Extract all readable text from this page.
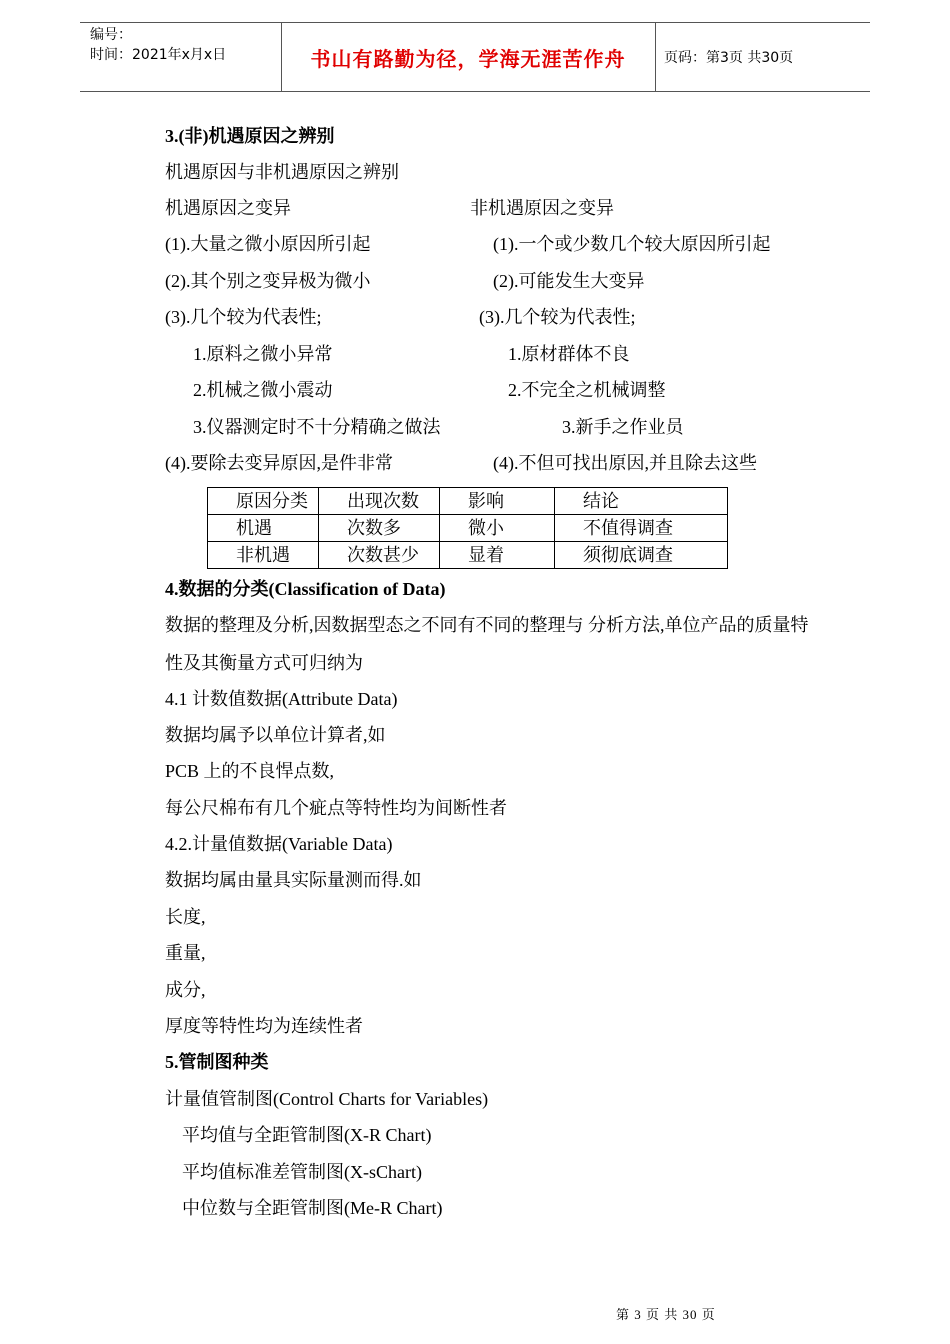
编号：
时间：2021年x月x日	书山有路勤为径，学海无涯苦作舟	页码：第3页 共30页
3.(非)机遇原因之辨别
机遇原因与非机遇原因之辨别
机遇原因之变异	非机遇原因之变异
(1).大量之微小原因所引起	(1).一个或少数几个较大原因所引起
(2).其个别之变异极为微小	(2).可能发生大变异
(3).几个较为代表性;	(3).几个较为代表性;
1.原料之微小异常	1.原材群体不良
2.机械之微小震动	2.不完全之机械调整
3.仪器测定时不十分精确之做法	3.新手之作业员
(4).要除去变异原因,是件非常	(4).不但可找出原因,并且除去这些
原因分类	出现次数	影响	结论
机遇	次数多	微小	不值得调查
非机遇	次数甚少	显着	须彻底调查
4.数据的分类(Classification of Data)
数据的整理及分析,因数据型态之不同有不同的整理与 分析方法,单位产品的质量特
性及其衡量方式可归纳为
4.1 计数值数据(Attribute Data)
数据均属予以单位计算者,如
PCB 上的不良悍点数,
每公尺棉布有几个疵点等特性均为间断性者
4.2.计量值数据(Variable Data)
数据均属由量具实际量测而得.如
长度,
重量,
成分,
厚度等特性均为连续性者
5.管制图种类
计量值管制图(Control Charts for Variables)
平均值与全距管制图(X-R Chart)
平均值标准差管制图(X-sChart)
中位数与全距管制图(Me-R Chart)
第 3 页 共 30 页
